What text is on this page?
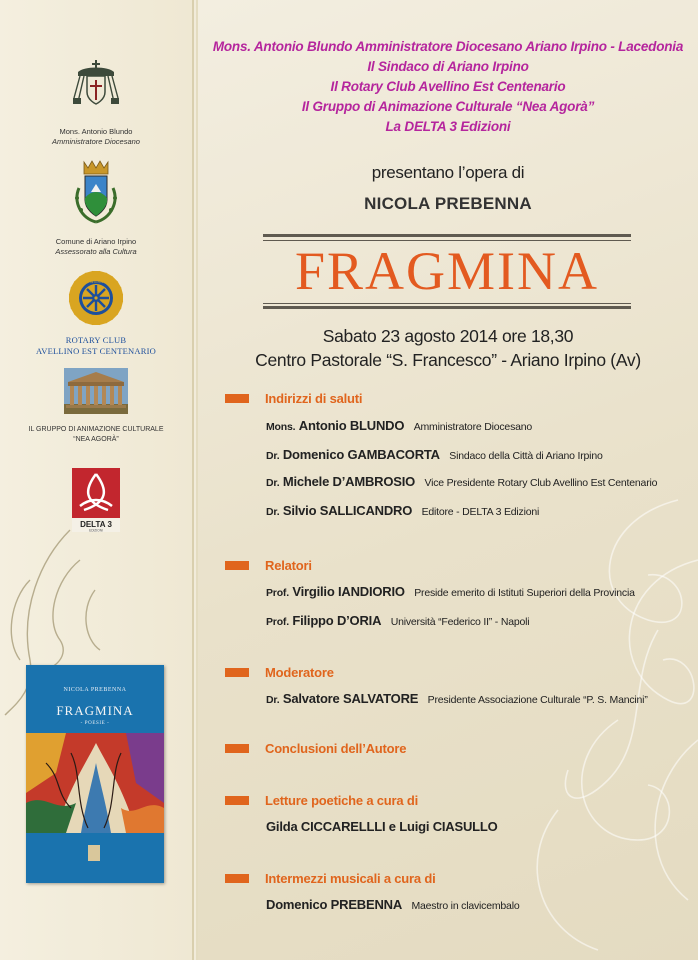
Mons. Antonio Blundo
Amministratore Diocesano
Comune di Ariano Irpino
Assessorato alla Cultura
ROTARY INTERNATIONAL
ROTARY CLUB
AVELLINO EST CENTENARIO
IL GRUPPO DI ANIMAZIONE CULTURALE
“NEA AGORÀ”
DELTA 3
EDIZIONI
NICOLA PREBENNA
FRAGMINA
- POESIE -
Mons. Antonio Blundo Amministratore Diocesano Ariano Irpino - Lacedonia
Il Sindaco di Ariano Irpino
Il Rotary Club Avellino Est Centenario
Il Gruppo di Animazione Culturale “Nea Agorà”
La DELTA 3 Edizioni
presentano l’opera di
NICOLA PREBENNA
FRAGMINA
Sabato 23 agosto 2014 ore 18,30
Centro Pastorale “S. Francesco” - Ariano Irpino (Av)
Indirizzi di saluti
Mons. Antonio BLUNDO Amministratore Diocesano
Dr. Domenico GAMBACORTA Sindaco della Città di Ariano Irpino
Dr. Michele D’AMBROSIO Vice Presidente Rotary Club Avellino Est Centenario
Dr. Silvio SALLICANDRO Editore - DELTA 3 Edizioni
Relatori
Prof. Virgilio IANDIORIO Preside emerito di Istituti Superiori della Provincia
Prof. Filippo D’ORIA Università “Federico II” - Napoli
Moderatore
Dr. Salvatore SALVATORE Presidente Associazione Culturale “P. S. Mancini”
Conclusioni dell’Autore
Letture poetiche a cura di
Gilda CICCARELLLI e Luigi CIASULLO
Intermezzi musicali a cura di
Domenico PREBENNA Maestro in clavicembalo
